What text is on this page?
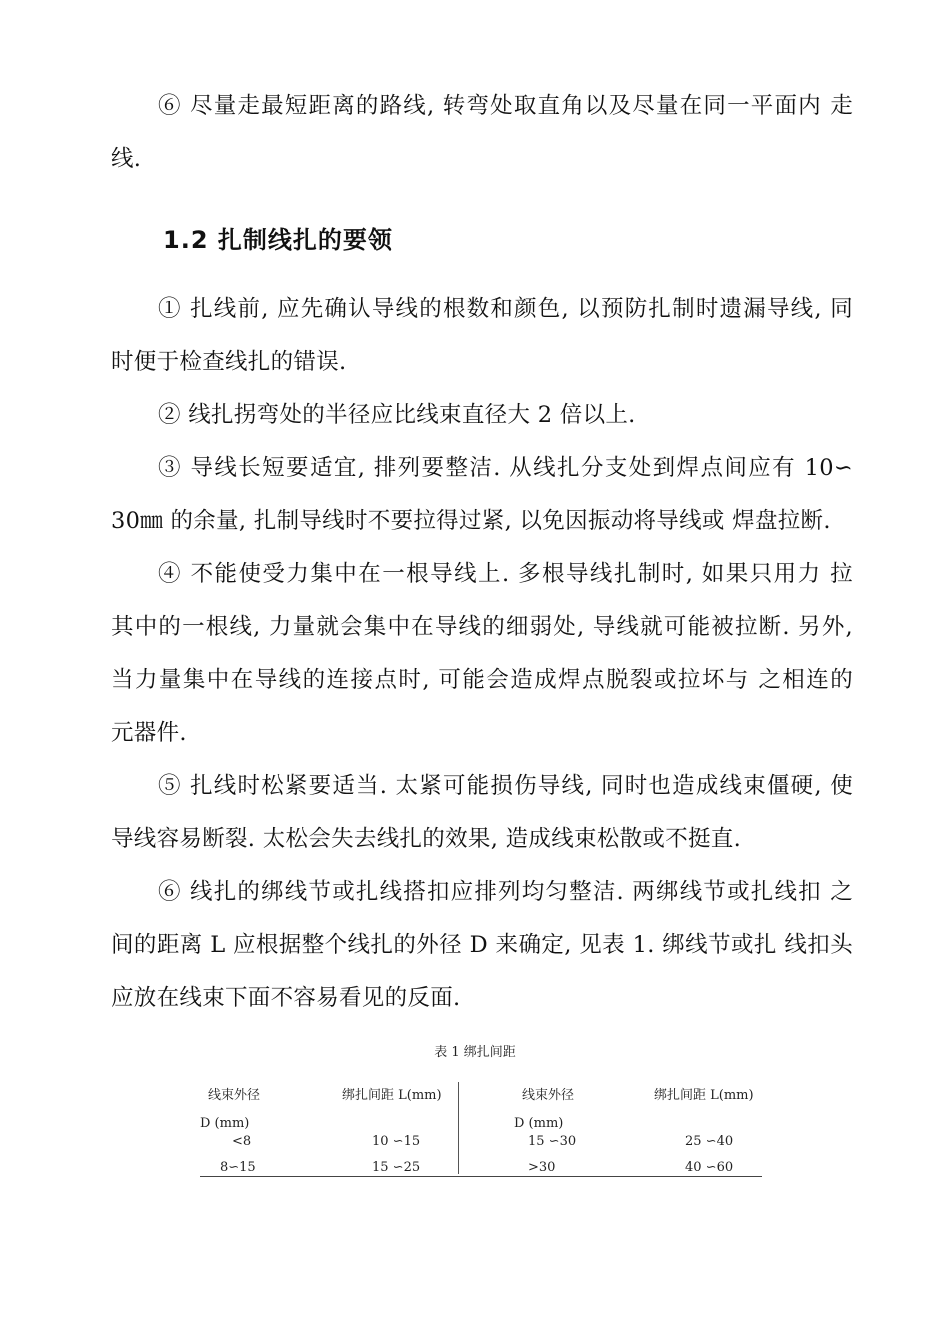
⑥ 尽量走最短距离的路线, 转弯处取直角以及尽量在同一平面内 走
线.
1.2 扎制线扎的要领
① 扎线前, 应先确认导线的根数和颜色, 以预防扎制时遗漏导线, 同
时便于检查线扎的错误.
② 线扎拐弯处的半径应比线束直径大 2 倍以上.
③ 导线长短要适宜, 排列要整洁. 从线扎分支处到焊点间应有 10∽
30㎜ 的余量, 扎制导线时不要拉得过紧, 以免因振动将导线或 焊盘拉断.
④ 不能使受力集中在一根导线上. 多根导线扎制时, 如果只用力 拉
其中的一根线, 力量就会集中在导线的细弱处, 导线就可能被拉断. 另外,
当力量集中在导线的连接点时, 可能会造成焊点脱裂或拉坏与 之相连的
元器件.
⑤ 扎线时松紧要适当. 太紧可能损伤导线, 同时也造成线束僵硬, 使
导线容易断裂. 太松会失去线扎的效果, 造成线束松散或不挺直.
⑥ 线扎的绑线节或扎线搭扣应排列均匀整洁. 两绑线节或扎线扣 之
间的距离 L 应根据整个线扎的外径 D 来确定, 见表 1. 绑线节或扎 线扣头
应放在线束下面不容易看见的反面.
表 1 绑扎间距
线束外径	绑扎间距 L(mm)	线束外径	绑扎间距 L(mm)
D (mm)	D (mm)
<8	10 ∽15	15 ∽30	25 ∽40
8∽15	15 ∽25	>30	40 ∽60
